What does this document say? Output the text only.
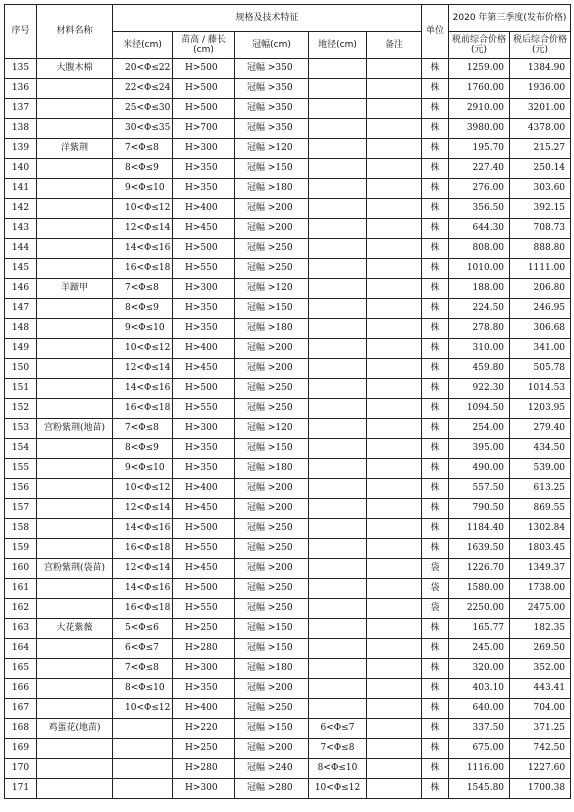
序号	材料名称	规格及技术特征					单位	2020 年第三季度(发布价格)	
		米径(cm)	苗高 / 藤长 (cm)	冠幅(cm)	地径(cm)	备注		税前综合价格(元)	税后综合价格(元)
135	大腹木棉	20<Φ≤22	H>500	冠幅 >350			株	1259.00	1384.90
136		22<Φ≤24	H>500	冠幅 >350			株	1760.00	1936.00
137		25<Φ≤30	H>500	冠幅 >350			株	2910.00	3201.00
138		30<Φ≤35	H>700	冠幅 >350			株	3980.00	4378.00
139	洋紫荆	7<Φ≤8	H>300	冠幅 >120			株	195.70	215.27
140		8<Φ≤9	H>350	冠幅 >150			株	227.40	250.14
141		9<Φ≤10	H>350	冠幅 >180			株	276.00	303.60
142		10<Φ≤12	H>400	冠幅 >200			株	356.50	392.15
143		12<Φ≤14	H>450	冠幅 >200			株	644.30	708.73
144		14<Φ≤16	H>500	冠幅 >250			株	808.00	888.80
145		16<Φ≤18	H>550	冠幅 >250			株	1010.00	1111.00
146	羊蹄甲	7<Φ≤8	H>300	冠幅 >120			株	188.00	206.80
147		8<Φ≤9	H>350	冠幅 >150			株	224.50	246.95
148		9<Φ≤10	H>350	冠幅 >180			株	278.80	306.68
149		10<Φ≤12	H>400	冠幅 >200			株	310.00	341.00
150		12<Φ≤14	H>450	冠幅 >200			株	459.80	505.78
151		14<Φ≤16	H>500	冠幅 >250			株	922.30	1014.53
152		16<Φ≤18	H>550	冠幅 >250			株	1094.50	1203.95
153	宫粉紫荆(地苗)	7<Φ≤8	H>300	冠幅 >120			株	254.00	279.40
154		8<Φ≤9	H>350	冠幅 >150			株	395.00	434.50
155		9<Φ≤10	H>350	冠幅 >180			株	490.00	539.00
156		10<Φ≤12	H>400	冠幅 >200			株	557.50	613.25
157		12<Φ≤14	H>450	冠幅 >200			株	790.50	869.55
158		14<Φ≤16	H>500	冠幅 >250			株	1184.40	1302.84
159		16<Φ≤18	H>550	冠幅 >250			株	1639.50	1803.45
160	宫粉紫荆(袋苗)	12<Φ≤14	H>450	冠幅 >200			袋	1226.70	1349.37
161		14<Φ≤16	H>500	冠幅 >250			袋	1580.00	1738.00
162		16<Φ≤18	H>550	冠幅 >250			袋	2250.00	2475.00
163	大花紫薇	5<Φ≤6	H>250	冠幅 >150			株	165.77	182.35
164		6<Φ≤7	H>280	冠幅 >150			株	245.00	269.50
165		7<Φ≤8	H>300	冠幅 >180			株	320.00	352.00
166		8<Φ≤10	H>350	冠幅 >200			株	403.10	443.41
167		10<Φ≤12	H>400	冠幅 >250			株	640.00	704.00
168	鸡蛋花(地苗)		H>220	冠幅 >150	6<Φ≤7		株	337.50	371.25
169			H>250	冠幅 >200	7<Φ≤8		株	675.00	742.50
170			H>280	冠幅 >240	8<Φ≤10		株	1116.00	1227.60
171			H>300	冠幅 >280	10<Φ≤12		株	1545.80	1700.38
